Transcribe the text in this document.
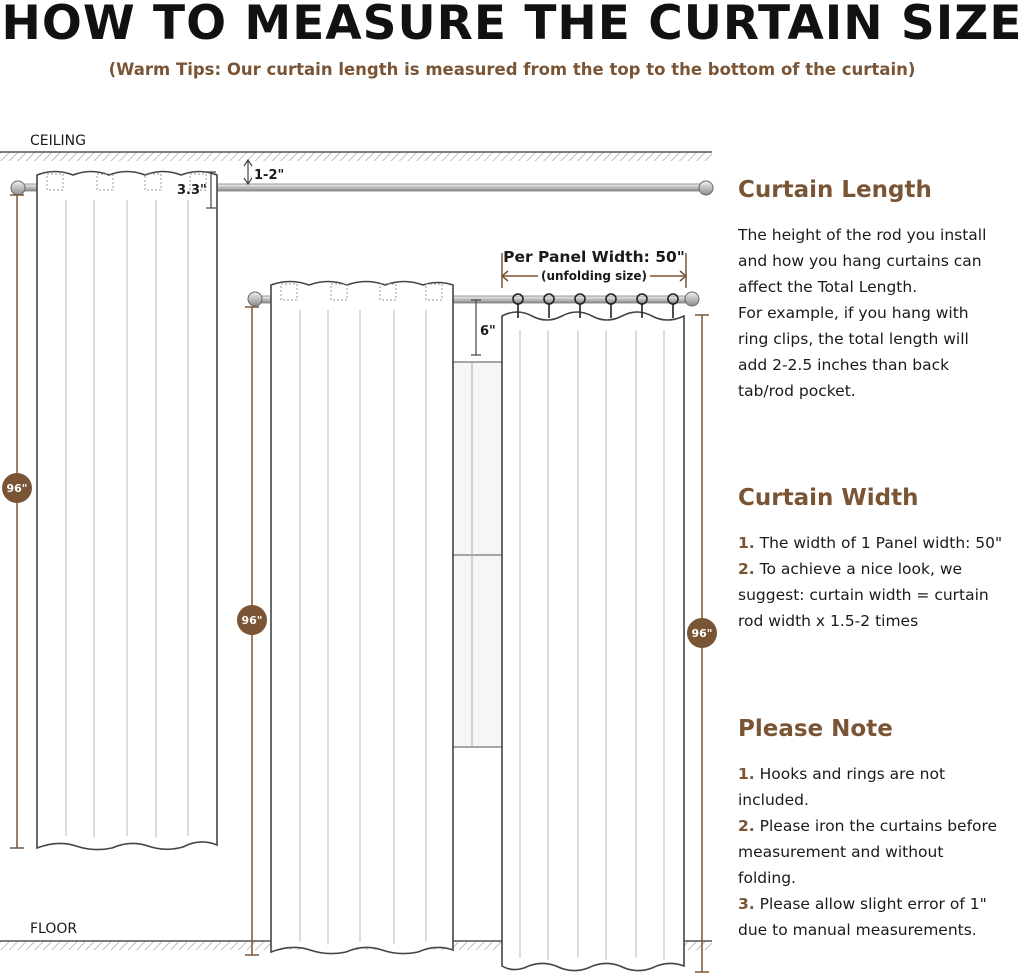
HOW TO MEASURE THE CURTAIN SIZE
(Warm Tips: Our curtain length is measured from the top to the bottom of the curtain)
CEILING
FLOOR
1-2"
3.3"
96"
96"
6"
Per Panel Width: 50"
(unfolding size)
96"
Curtain Length

The height of the rod you install

and how you hang curtains can

affect the Total Length.

For example, if you hang with

ring clips, the total length will

add 2-2.5 inches than back

tab/rod pocket.

Curtain Width

1. The width of 1 Panel width: 50"

2. To achieve a nice look, we

suggest: curtain width = curtain

rod width x 1.5-2 times

Please Note

1. Hooks and rings are not

included.

2. Please iron the curtains before

measurement and without

folding.

3. Please allow slight error of 1"

due to manual measurements.
